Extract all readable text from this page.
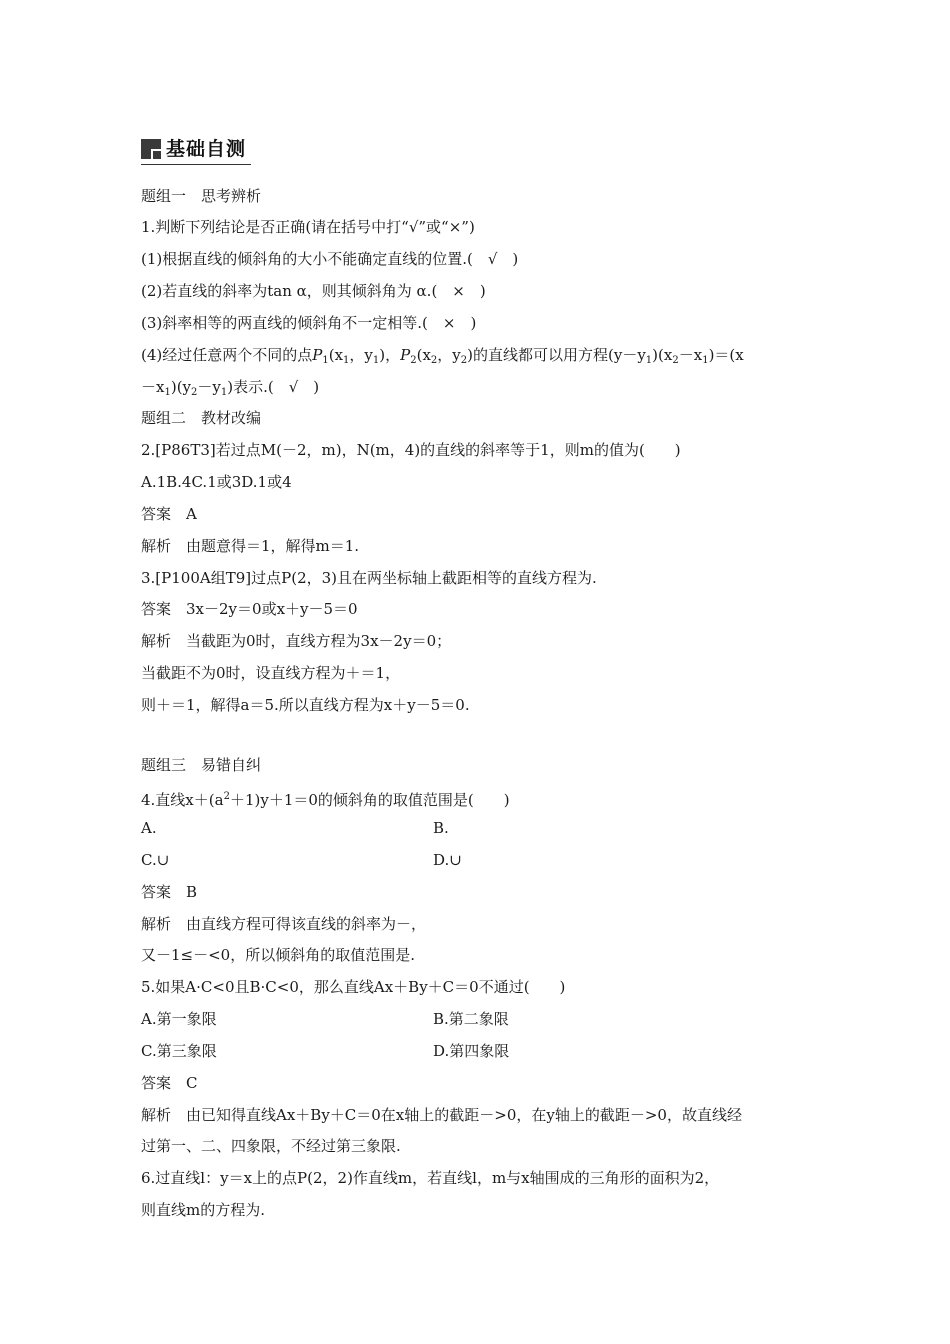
基础自测
题组一　思考辨析
1.判断下列结论是否正确(请在括号中打“√”或“×”)
(1)根据直线的倾斜角的大小不能确定直线的位置.(　√　)
(2)若直线的斜率为tan α，则其倾斜角为 α.(　×　)
(3)斜率相等的两直线的倾斜角不一定相等.(　×　)
(4)经过任意两个不同的点$P_1(x_1$，$y_1$)，$P_2(x_2$，$y_2$)的直线都可以用方程$(y-y_1)(x_2-x_1)=(x$
$-x_1)(y_2-y_1)$表示.(　√　)
题组二　教材改编
2.[P86T3]若过点M(－2，m)，N(m，4)的直线的斜率等于1，则m的值为(　　)
A.1B.4C.1或3D.1或4
答案　A
解析　由题意得＝1，解得m＝1.
3.[P100A组T9]过点P(2，3)且在两坐标轴上截距相等的直线方程为.
答案　3x－2y＝0或x＋y－5＝0
解析　当截距为0时，直线方程为3x－2y＝0；
当截距不为0时，设直线方程为＋＝1，
则＋＝1，解得a＝5.所以直线方程为x＋y－5＝0.
题组三　易错自纠
4.直线$x+(a^2+1)y+1=0$的倾斜角的取值范围是(　　)
A.	B.
C.∪	D.∪
答案　B
解析　由直线方程可得该直线的斜率为－，
又－1≤－<0，所以倾斜角的取值范围是.
5.如果A·C<0且B·C<0，那么直线Ax＋By＋C＝0不通过(　　)
A.第一象限	B.第二象限
C.第三象限	D.第四象限
答案　C
解析　由已知得直线Ax＋By＋C＝0在x轴上的截距－>0，在y轴上的截距－>0，故直线经
过第一、二、四象限，不经过第三象限.
6.过直线l：y＝x上的点P(2，2)作直线m，若直线l，m与x轴围成的三角形的面积为2，
则直线m的方程为.
